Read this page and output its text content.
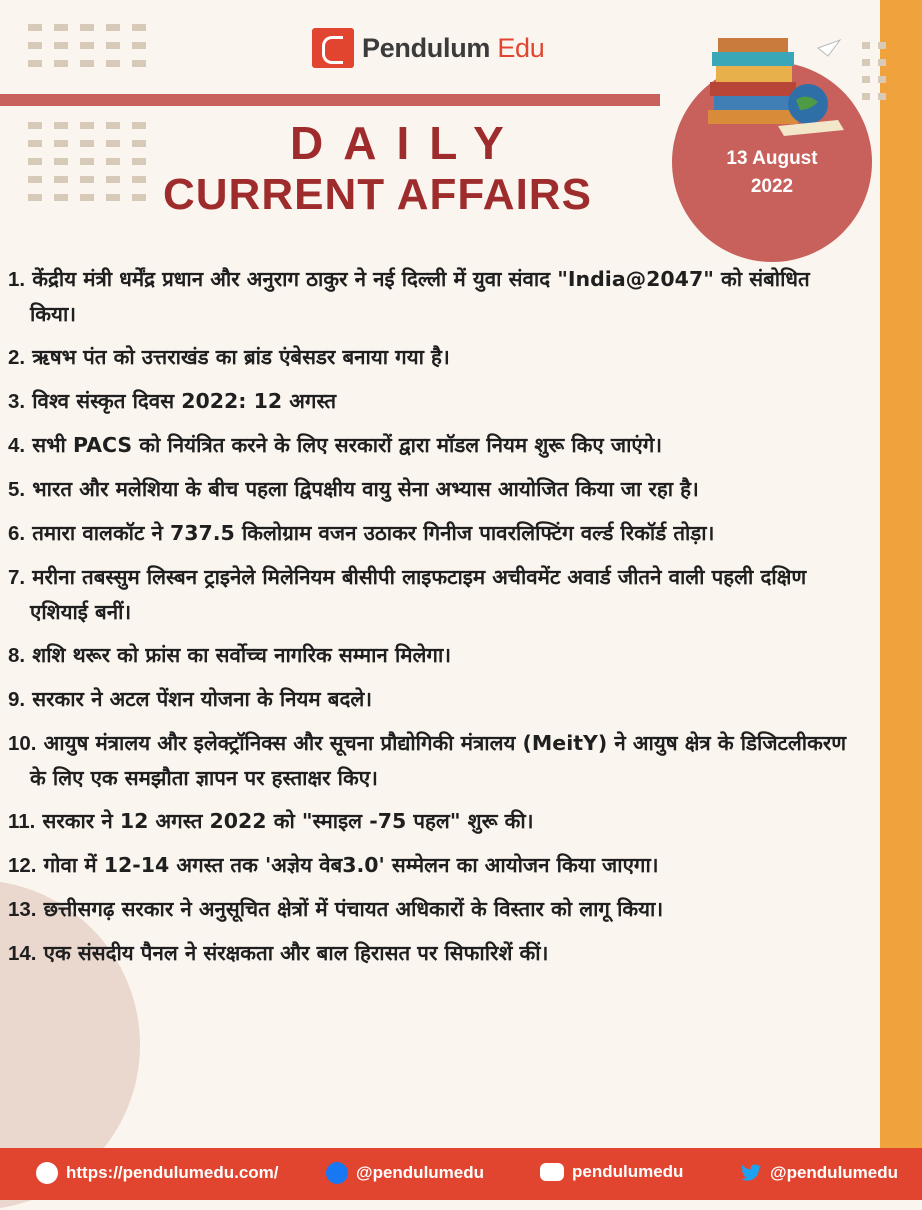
Pendulum Edu
DAILY
CURRENT AFFAIRS
13 August
2022
1. केंद्रीय मंत्री धर्मेंद्र प्रधान और अनुराग ठाकुर ने नई दिल्ली में युवा संवाद "India@2047" को संबोधित किया।
2. ऋषभ पंत को उत्तराखंड का ब्रांड एंबेसडर बनाया गया है।
3. विश्व संस्कृत दिवस 2022: 12 अगस्त
4. सभी PACS को नियंत्रित करने के लिए सरकारों द्वारा मॉडल नियम शुरू किए जाएंगे।
5. भारत और मलेशिया के बीच पहला द्विपक्षीय वायु सेना अभ्यास आयोजित किया जा रहा है।
6. तमारा वालकॉट ने 737.5 किलोग्राम वजन उठाकर गिनीज पावरलिफ्टिंग वर्ल्ड रिकॉर्ड तोड़ा।
7. मरीना तबस्सुम लिस्बन ट्राइनेले मिलेनियम बीसीपी लाइफटाइम अचीवमेंट अवार्ड जीतने वाली पहली दक्षिण एशियाई बनीं।
8. शशि थरूर को फ्रांस का सर्वोच्च नागरिक सम्मान मिलेगा।
9. सरकार ने अटल पेंशन योजना के नियम बदले।
10. आयुष मंत्रालय और इलेक्ट्रॉनिक्स और सूचना प्रौद्योगिकी मंत्रालय (MeitY) ने आयुष क्षेत्र के डिजिटलीकरण के लिए एक समझौता ज्ञापन पर हस्ताक्षर किए।
11. सरकार ने 12 अगस्त 2022 को "स्माइल -75 पहल" शुरू की।
12. गोवा में 12-14 अगस्त तक 'अज्ञेय वेब3.0' सम्मेलन का आयोजन किया जाएगा।
13. छत्तीसगढ़ सरकार ने अनुसूचित क्षेत्रों में पंचायत अधिकारों के विस्तार को लागू किया।
14. एक संसदीय पैनल ने संरक्षकता और बाल हिरासत पर सिफारिशें कीं।
https://pendulumedu.com/	@pendulumedu	pendulumedu	@pendulumedu
